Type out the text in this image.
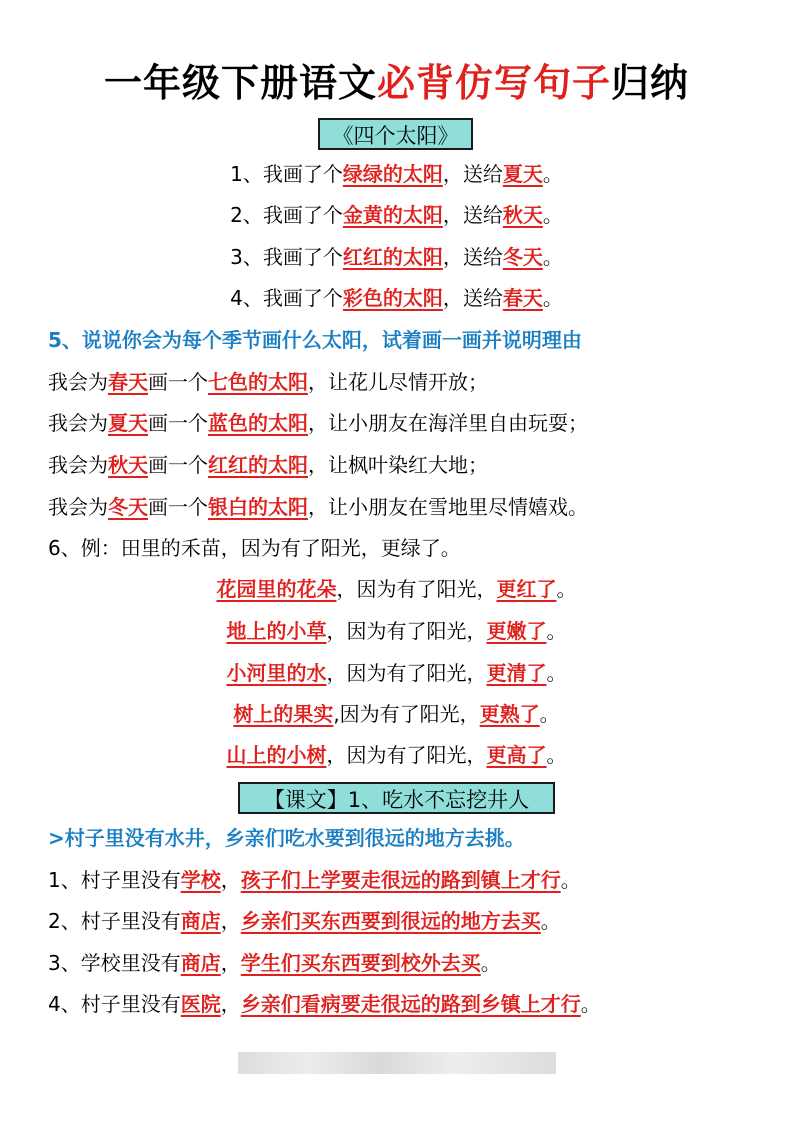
一年级下册语文必背仿写句子归纳
《四个太阳》
1、我画了个绿绿的太阳，送给夏天。
2、我画了个金黄的太阳，送给秋天。
3、我画了个红红的太阳，送给冬天。
4、我画了个彩色的太阳，送给春天。
5、说说你会为每个季节画什么太阳，试着画一画并说明理由
我会为春天画一个七色的太阳，让花儿尽情开放；
我会为夏天画一个蓝色的太阳，让小朋友在海洋里自由玩耍；
我会为秋天画一个红红的太阳，让枫叶染红大地；
我会为冬天画一个银白的太阳，让小朋友在雪地里尽情嬉戏。
6、例：田里的禾苗，因为有了阳光，更绿了。
花园里的花朵，因为有了阳光，更红了。
地上的小草，因为有了阳光，更嫩了。
小河里的水，因为有了阳光，更清了。
树上的果实,因为有了阳光，更熟了。
山上的小树，因为有了阳光，更高了。
【课文】1、吃水不忘挖井人
>村子里没有水井，乡亲们吃水要到很远的地方去挑。
1、村子里没有学校，孩子们上学要走很远的路到镇上才行。
2、村子里没有商店，乡亲们买东西要到很远的地方去买。
3、学校里没有商店，学生们买东西要到校外去买。
4、村子里没有医院，乡亲们看病要走很远的路到乡镇上才行。
